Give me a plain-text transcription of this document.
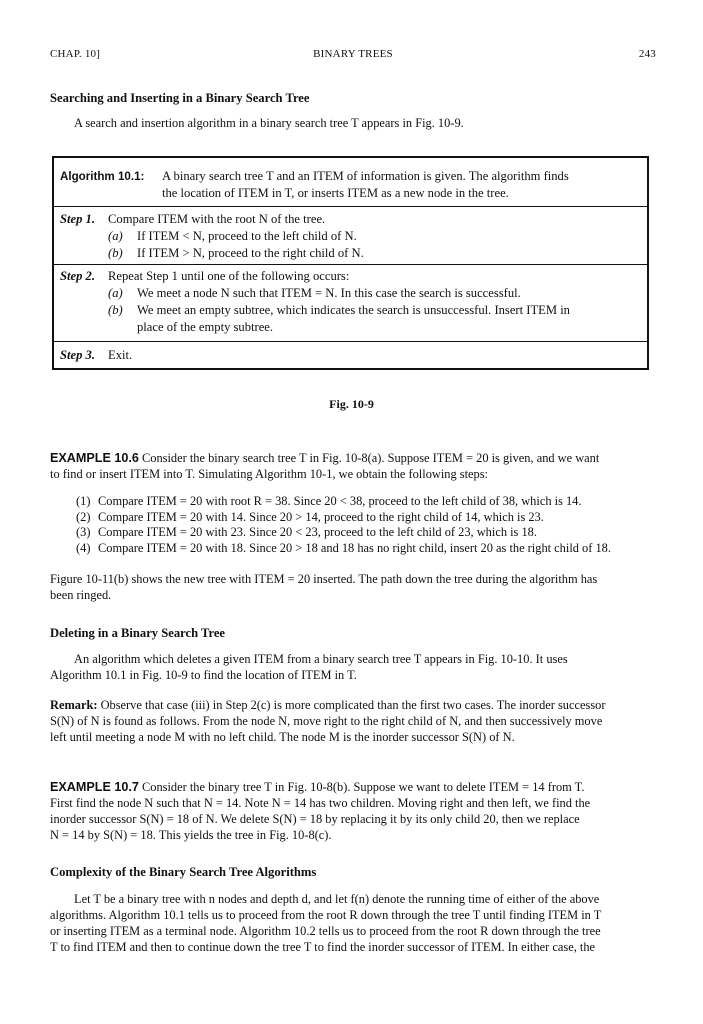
CHAP. 10]	BINARY TREES	243
Searching and Inserting in a Binary Search Tree
A search and insertion algorithm in a binary search tree T appears in Fig. 10-9.
Algorithm 10.1: A binary search tree T and an ITEM of information is given. The algorithm finds
the location of ITEM in T, or inserts ITEM as a new node in the tree.
Step 1. Compare ITEM with the root N of the tree.
(a) If ITEM < N, proceed to the left child of N.
(b) If ITEM > N, proceed to the right child of N.
Step 2. Repeat Step 1 until one of the following occurs:
(a) We meet a node N such that ITEM = N. In this case the search is successful.
(b) We meet an empty subtree, which indicates the search is unsuccessful. Insert ITEM in
place of the empty subtree.
Step 3. Exit.
Fig. 10-9
EXAMPLE 10.6 Consider the binary search tree T in Fig. 10-8(a). Suppose ITEM = 20 is given, and we want
to find or insert ITEM into T. Simulating Algorithm 10-1, we obtain the following steps:
(1) Compare ITEM = 20 with root R = 38. Since 20 < 38, proceed to the left child of 38, which is 14.
(2) Compare ITEM = 20 with 14. Since 20 > 14, proceed to the right child of 14, which is 23.
(3) Compare ITEM = 20 with 23. Since 20 < 23, proceed to the left child of 23, which is 18.
(4) Compare ITEM = 20 with 18. Since 20 > 18 and 18 has no right child, insert 20 as the right child of 18.
Figure 10-11(b) shows the new tree with ITEM = 20 inserted. The path down the tree during the algorithm has
been ringed.
Deleting in a Binary Search Tree
An algorithm which deletes a given ITEM from a binary search tree T appears in Fig. 10-10. It uses
Algorithm 10.1 in Fig. 10-9 to find the location of ITEM in T.
Remark: Observe that case (iii) in Step 2(c) is more complicated than the first two cases. The inorder successor
S(N) of N is found as follows. From the node N, move right to the right child of N, and then successively move
left until meeting a node M with no left child. The node M is the inorder successor S(N) of N.
EXAMPLE 10.7 Consider the binary tree T in Fig. 10-8(b). Suppose we want to delete ITEM = 14 from T.
First find the node N such that N = 14. Note N = 14 has two children. Moving right and then left, we find the
inorder successor S(N) = 18 of N. We delete S(N) = 18 by replacing it by its only child 20, then we replace
N = 14 by S(N) = 18. This yields the tree in Fig. 10-8(c).
Complexity of the Binary Search Tree Algorithms
Let T be a binary tree with n nodes and depth d, and let f(n) denote the running time of either of the above
algorithms. Algorithm 10.1 tells us to proceed from the root R down through the tree T until finding ITEM in T
or inserting ITEM as a terminal node. Algorithm 10.2 tells us to proceed from the root R down through the tree
T to find ITEM and then to continue down the tree T to find the inorder successor of ITEM. In either case, the
